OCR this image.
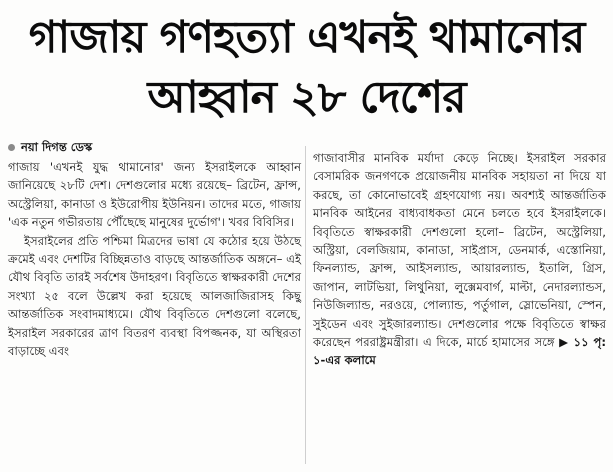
গাজায় গণহত্যা এখনই থামানোর
আহ্বান ২৮ দেশের
নয়া দিগন্ত ডেস্ক

গাজায় 'এখনই যুদ্ধ থামানোর' জন্য ইসরাইলকে আহ্বান জানিয়েছে ২৮টি দেশ। দেশগুলোর মধ্যে রয়েছে– ব্রিটেন, ফ্রান্স, অস্ট্রেলিয়া, কানাডা ও ইউরোপীয় ইউনিয়ন। তাদের মতে, গাজায় 'এক নতুন গভীরতায় পৌঁছেছে মানুষের দুর্ভোগ'। খবর বিবিসির।

ইসরাইলের প্রতি পশ্চিমা মিত্রদের ভাষা যে কঠোর হয়ে উঠছে ক্রমেই এবং দেশটির বিচ্ছিন্নতাও বাড়ছে আন্তর্জাতিক অঙ্গনে– এই যৌথ বিবৃতি তারই সর্বশেষ উদাহরণ। বিবৃতিতে স্বাক্ষরকারী দেশের সংখ্যা ২৫ বলে উল্লেখ করা হয়েছে আলজাজিরাসহ কিছু আন্তর্জাতিক সংবাদমাধ্যমে। যৌথ বিবৃতিতে দেশগুলো বলেছে, ইসরাইল সরকারের ত্রাণ বিতরণ ব্যবস্থা বিপজ্জনক, যা অস্থিরতা বাড়াচ্ছে এবং

গাজাবাসীর মানবিক মর্যাদা কেড়ে নিচ্ছে। ইসরাইল সরকার বেসামরিক জনগণকে প্রয়োজনীয় মানবিক সহায়তা না দিয়ে যা করছে, তা কোনোভাবেই গ্রহণযোগ্য নয়। অবশ্যই আন্তর্জাতিক মানবিক আইনের বাধ্যবাধকতা মেনে চলতে হবে ইসরাইলকে। বিবৃতিতে স্বাক্ষরকারী দেশগুলো হলো– ব্রিটেন, অস্ট্রেলিয়া, অস্ট্রিয়া, বেলজিয়াম, কানাডা, সাইপ্রাস, ডেনমার্ক, এস্তোনিয়া, ফিনল্যান্ড, ফ্রান্স, আইসল্যান্ড, আয়ারল্যান্ড, ইতালি, গ্রিস, জাপান, লাটভিয়া, লিথুনিয়া, লুক্সেমবার্গ, মাল্টা, নেদারল্যান্ডস, নিউজিল্যান্ড, নরওয়ে, পোল্যান্ড, পর্তুগাল, স্লোভেনিয়া, স্পেন, সুইডেন এবং সুইজারল্যান্ড। দেশগুলোর পক্ষে বিবৃতিতে স্বাক্ষর করেছেন পররাষ্ট্রমন্ত্রীরা। এ দিকে, মার্চে হামাসের সঙ্গে ▶ ১১ পৃ: ১-এর কলামে
